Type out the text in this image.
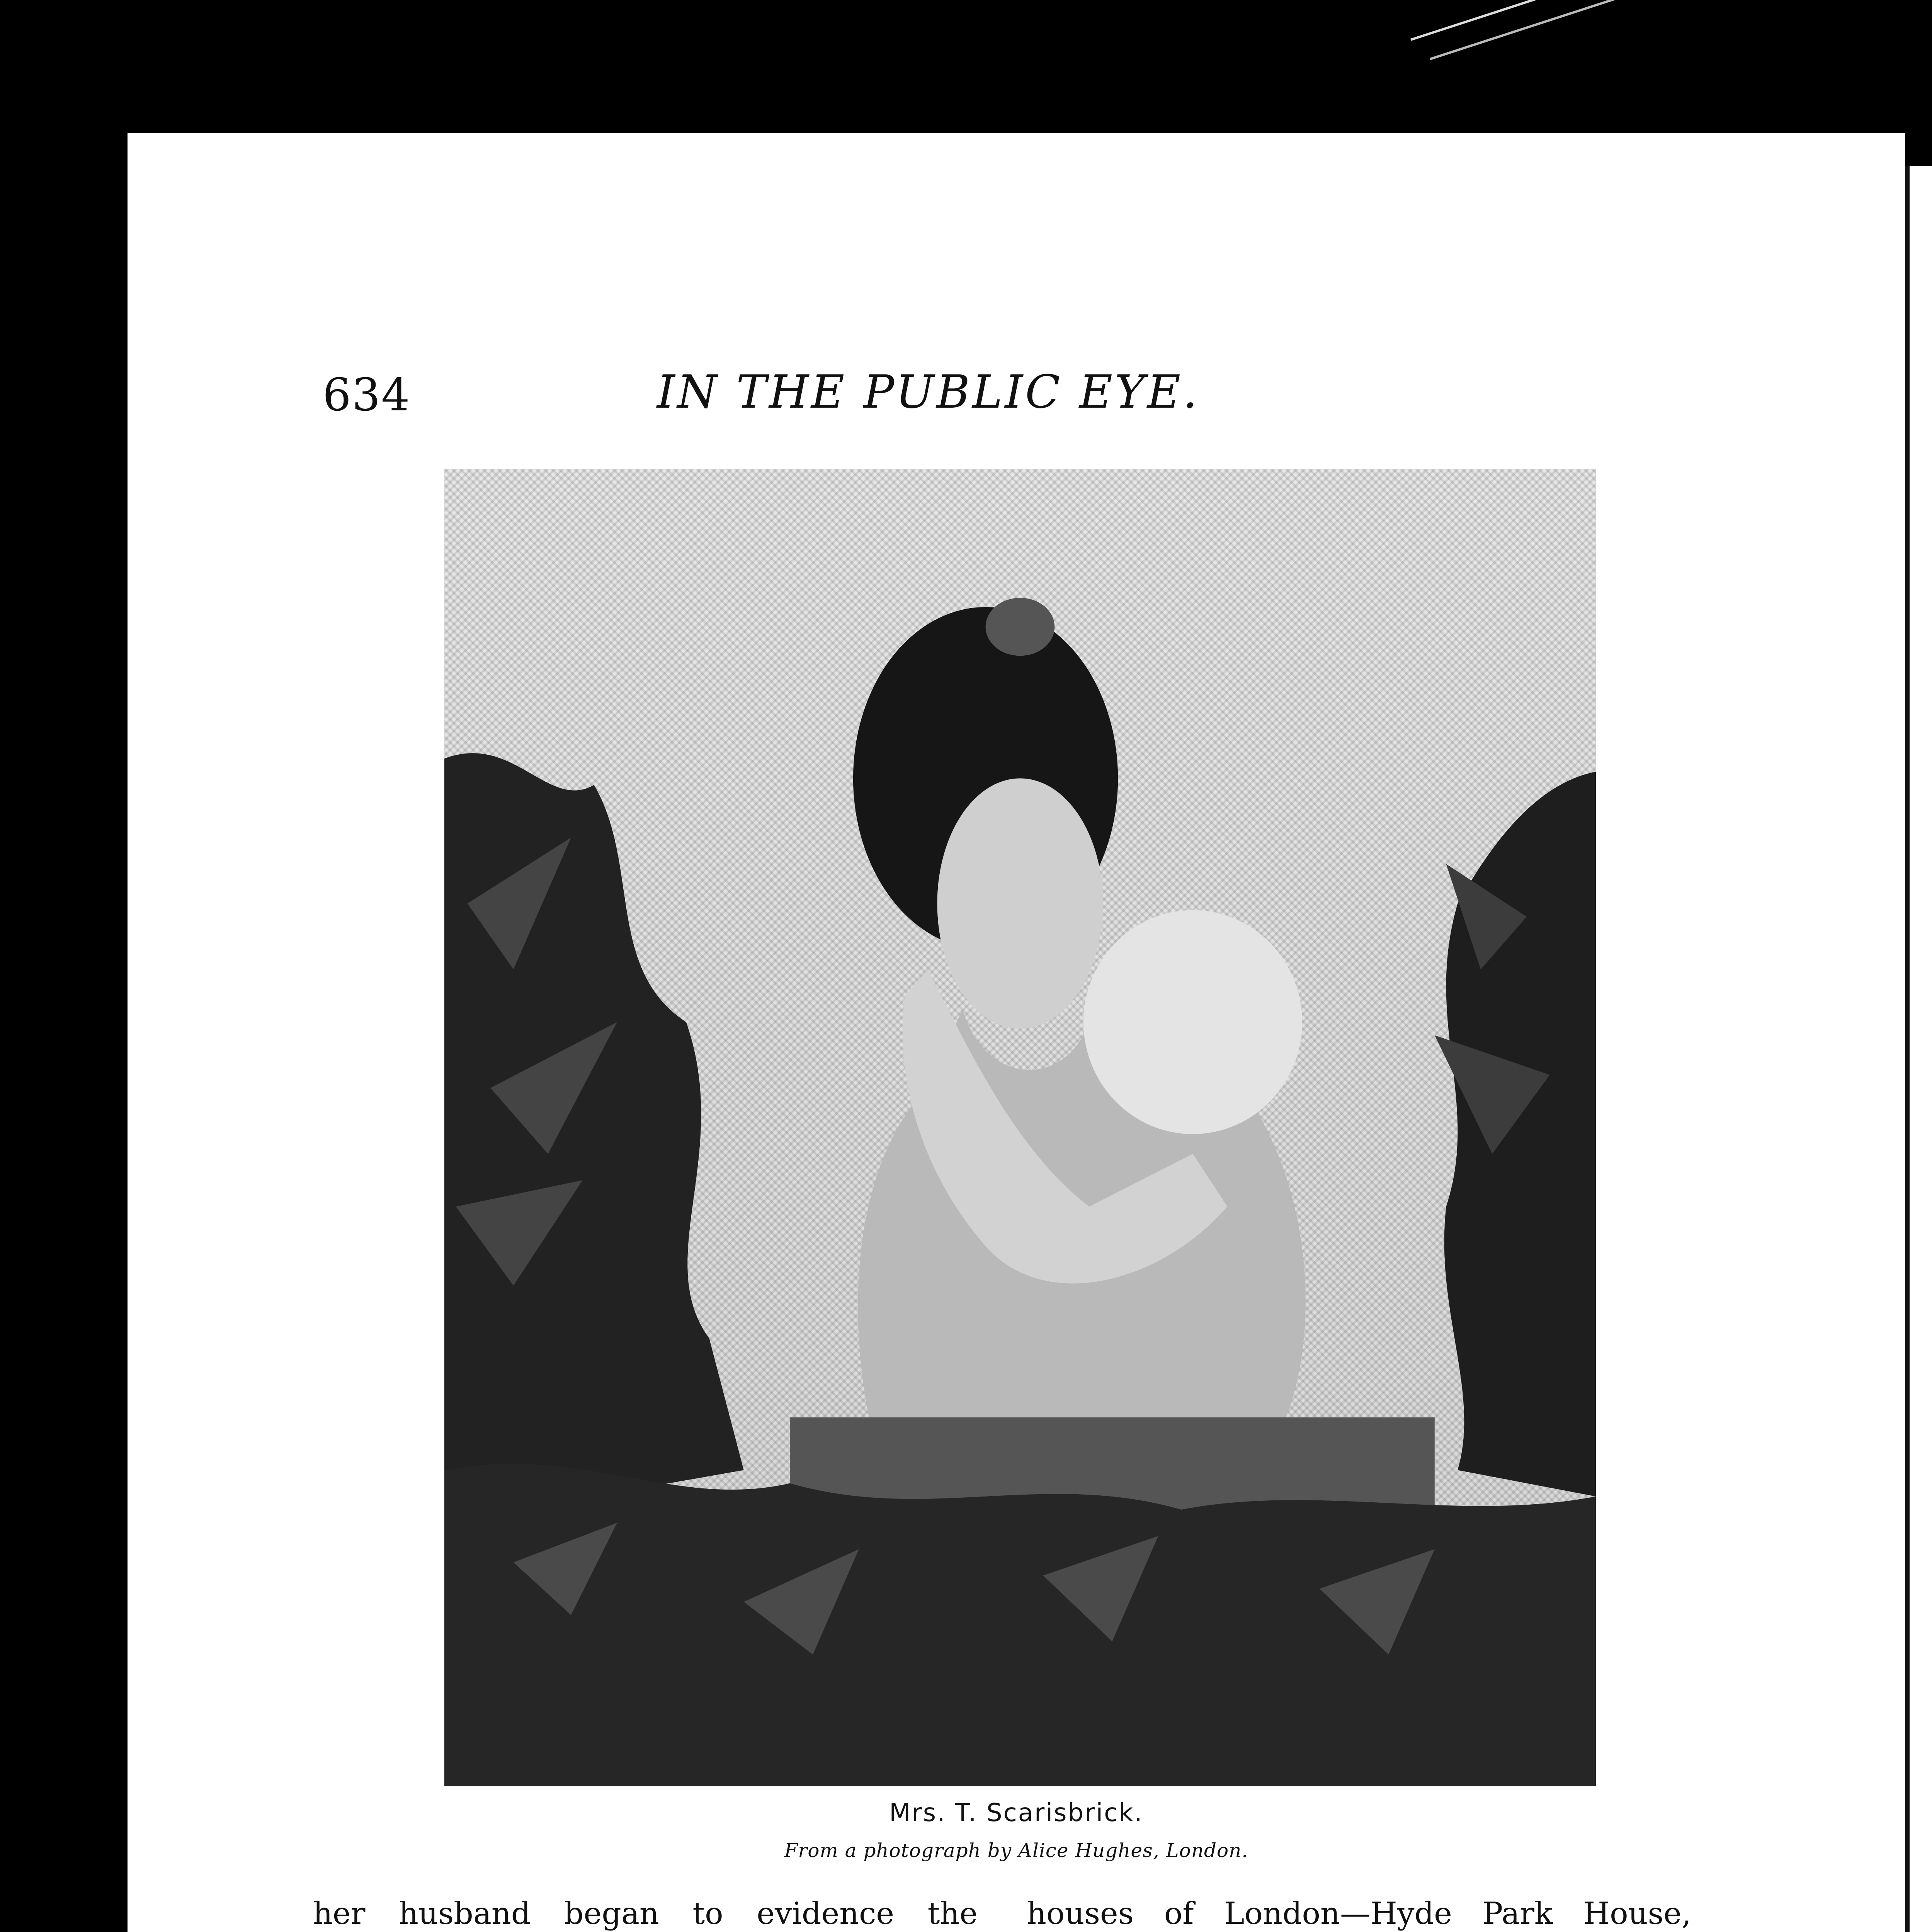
634	IN THE PUBLIC EYE.
Mrs. T. Scarisbrick.
From a photograph by Alice Hughes, London.

her husband began to evidence the houses of London—Hyde Park House,
